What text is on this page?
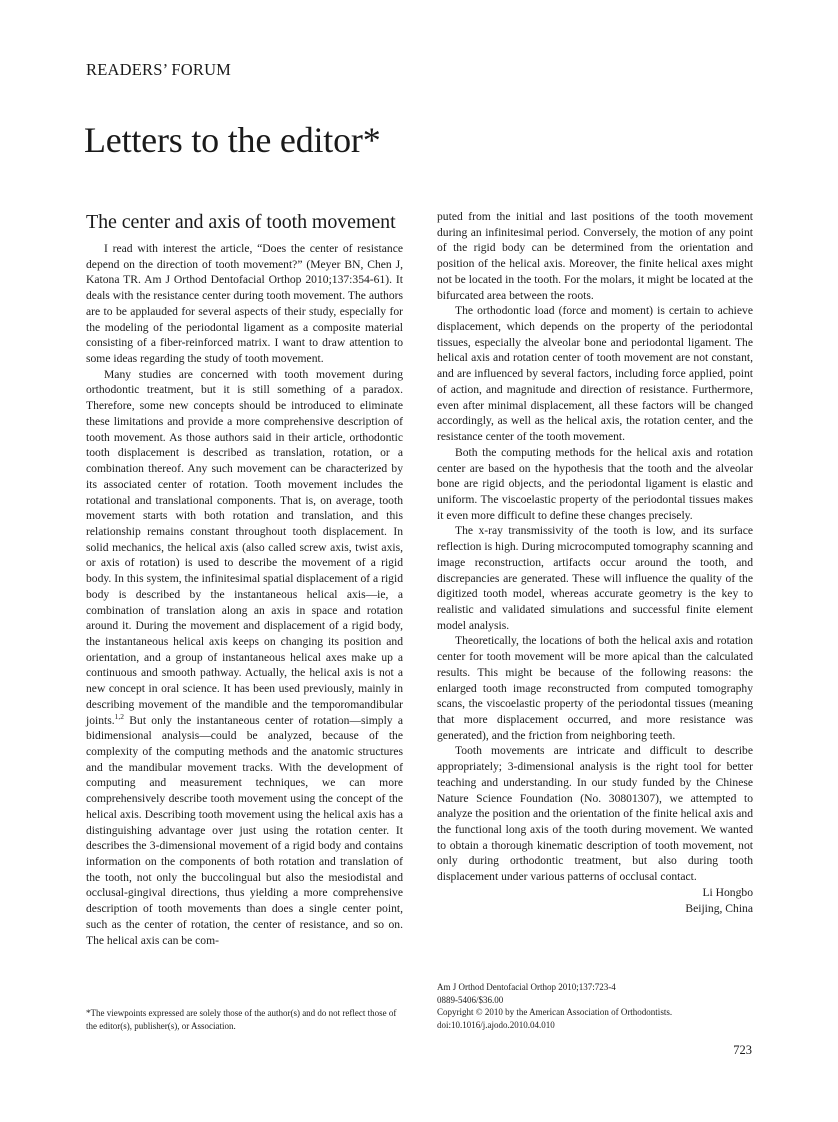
READERS’ FORUM
Letters to the editor*
The center and axis of tooth movement

I read with interest the article, “Does the center of resistance depend on the direction of tooth movement?” (Meyer BN, Chen J, Katona TR. Am J Orthod Dentofacial Orthop 2010;137:354-61). It deals with the resistance center during tooth movement. The authors are to be applauded for several aspects of their study, especially for the modeling of the periodontal ligament as a composite material consisting of a fiber-reinforced matrix. I want to draw attention to some ideas regarding the study of tooth movement.

Many studies are concerned with tooth movement during orthodontic treatment, but it is still something of a paradox. Therefore, some new concepts should be introduced to eliminate these limitations and provide a more comprehensive description of tooth movement. As those authors said in their article, orthodontic tooth displacement is described as translation, rotation, or a combination thereof. Any such movement can be characterized by its associated center of rotation. Tooth movement includes the rotational and translational components. That is, on average, tooth movement starts with both rotation and translation, and this relationship remains constant throughout tooth displacement. In solid mechanics, the helical axis (also called screw axis, twist axis, or axis of rotation) is used to describe the movement of a rigid body. In this system, the infinitesimal spatial displacement of a rigid body is described by the instantaneous helical axis—ie, a combination of translation along an axis in space and rotation around it. During the movement and displacement of a rigid body, the instantaneous helical axis keeps on changing its position and orientation, and a group of instantaneous helical axes make up a continuous and smooth pathway. Actually, the helical axis is not a new concept in oral science. It has been used previously, mainly in describing movement of the mandible and the temporomandibular joints.$^{1,2}$ But only the instantaneous center of rotation—simply a bidimensional analysis—could be analyzed, because of the complexity of the computing methods and the anatomic structures and the mandibular movement tracks. With the development of computing and measurement techniques, we can more comprehensively describe tooth movement using the concept of the helical axis. Describing tooth movement using the helical axis has a distinguishing advantage over just using the rotation center. It describes the 3-dimensional movement of a rigid body and contains information on the components of both rotation and translation of the tooth, not only the buccolingual but also the mesiodistal and occlusal-gingival directions, thus yielding a more comprehensive description of tooth movements than does a single center point, such as the center of rotation, the center of resistance, and so on. The helical axis can be com-

puted from the initial and last positions of the tooth movement during an infinitesimal period. Conversely, the motion of any point of the rigid body can be determined from the orientation and position of the helical axis. Moreover, the finite helical axes might not be located in the tooth. For the molars, it might be located at the bifurcated area between the roots.

The orthodontic load (force and moment) is certain to achieve displacement, which depends on the property of the periodontal tissues, especially the alveolar bone and periodontal ligament. The helical axis and rotation center of tooth movement are not constant, and are influenced by several factors, including force applied, point of action, and magnitude and direction of resistance. Furthermore, even after minimal displacement, all these factors will be changed accordingly, as well as the helical axis, the rotation center, and the resistance center of the tooth movement.

Both the computing methods for the helical axis and rotation center are based on the hypothesis that the tooth and the alveolar bone are rigid objects, and the periodontal ligament is elastic and uniform. The viscoelastic property of the periodontal tissues makes it even more difficult to define these changes precisely.

The x-ray transmissivity of the tooth is low, and its surface reflection is high. During microcomputed tomography scanning and image reconstruction, artifacts occur around the tooth, and discrepancies are generated. These will influence the quality of the digitized tooth model, whereas accurate geometry is the key to realistic and validated simulations and successful finite element model analysis.

Theoretically, the locations of both the helical axis and rotation center for tooth movement will be more apical than the calculated results. This might be because of the following reasons: the enlarged tooth image reconstructed from computed tomography scans, the viscoelastic property of the periodontal tissues (meaning that more displacement occurred, and more resistance was generated), and the friction from neighboring teeth.

Tooth movements are intricate and difficult to describe appropriately; 3-dimensional analysis is the right tool for better teaching and understanding. In our study funded by the Chinese Nature Science Foundation (No. 30801307), we attempted to analyze the position and the orientation of the finite helical axis and the functional long axis of the tooth during movement. We wanted to obtain a thorough kinematic description of tooth movement, not only during orthodontic treatment, but also during tooth displacement under various patterns of occlusal contact.

Li Hongbo

Beijing, China

*The viewpoints expressed are solely those of the author(s) and do not reflect those of the editor(s), publisher(s), or Association.
Am J Orthod Dentofacial Orthop 2010;137:723-4
0889-5406/$36.00
Copyright © 2010 by the American Association of Orthodontists.
doi:10.1016/j.ajodo.2010.04.010
723
